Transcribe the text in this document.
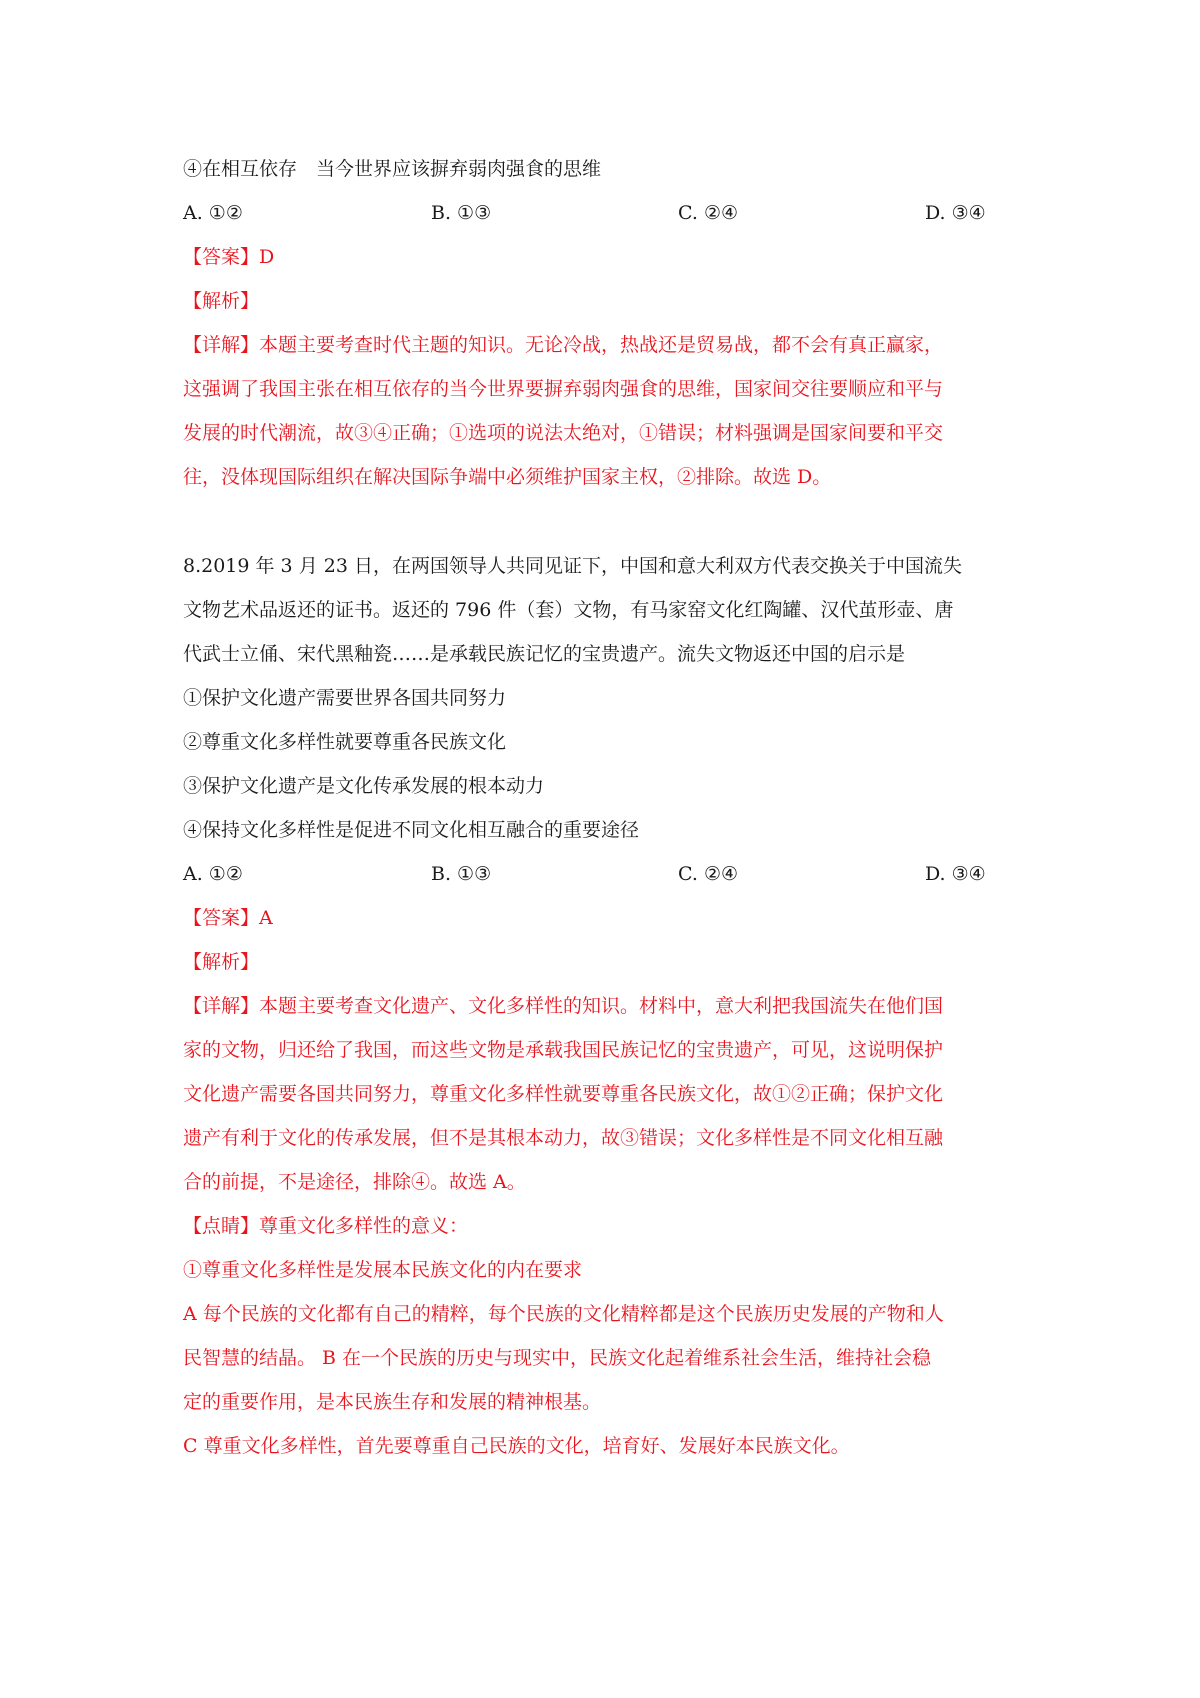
④在相互依存　当今世界应该摒弃弱肉强食的思维

A. ①②	B. ①③	C. ②④	D. ③④

【答案】D

【解析】

【详解】本题主要考查时代主题的知识。无论冷战，热战还是贸易战，都不会有真正赢家，

这强调了我国主张在相互依存的当今世界要摒弃弱肉强食的思维，国家间交往要顺应和平与

发展的时代潮流，故③④正确；①选项的说法太绝对，①错误；材料强调是国家间要和平交

往，没体现国际组织在解决国际争端中必须维护国家主权，②排除。故选 D。

8.2019 年 3 月 23 日，在两国领导人共同见证下，中国和意大利双方代表交换关于中国流失

文物艺术品返还的证书。返还的 796 件（套）文物，有马家窑文化红陶罐、汉代茧形壶、唐

代武士立俑、宋代黑釉瓷……是承载民族记忆的宝贵遗产。流失文物返还中国的启示是

①保护文化遗产需要世界各国共同努力

②尊重文化多样性就要尊重各民族文化

③保护文化遗产是文化传承发展的根本动力

④保持文化多样性是促进不同文化相互融合的重要途径

A. ①②	B. ①③	C. ②④	D. ③④

【答案】A

【解析】

【详解】本题主要考查文化遗产、文化多样性的知识。材料中，意大利把我国流失在他们国

家的文物，归还给了我国，而这些文物是承载我国民族记忆的宝贵遗产，可见，这说明保护

文化遗产需要各国共同努力，尊重文化多样性就要尊重各民族文化，故①②正确；保护文化

遗产有利于文化的传承发展，但不是其根本动力，故③错误；文化多样性是不同文化相互融

合的前提，不是途径，排除④。故选 A。

【点睛】尊重文化多样性的意义：

①尊重文化多样性是发展本民族文化的内在要求

A 每个民族的文化都有自己的精粹，每个民族的文化精粹都是这个民族历史发展的产物和人

民智慧的结晶。 B 在一个民族的历史与现实中，民族文化起着维系社会生活，维持社会稳

定的重要作用，是本民族生存和发展的精神根基。

C 尊重文化多样性，首先要尊重自己民族的文化，培育好、发展好本民族文化。
